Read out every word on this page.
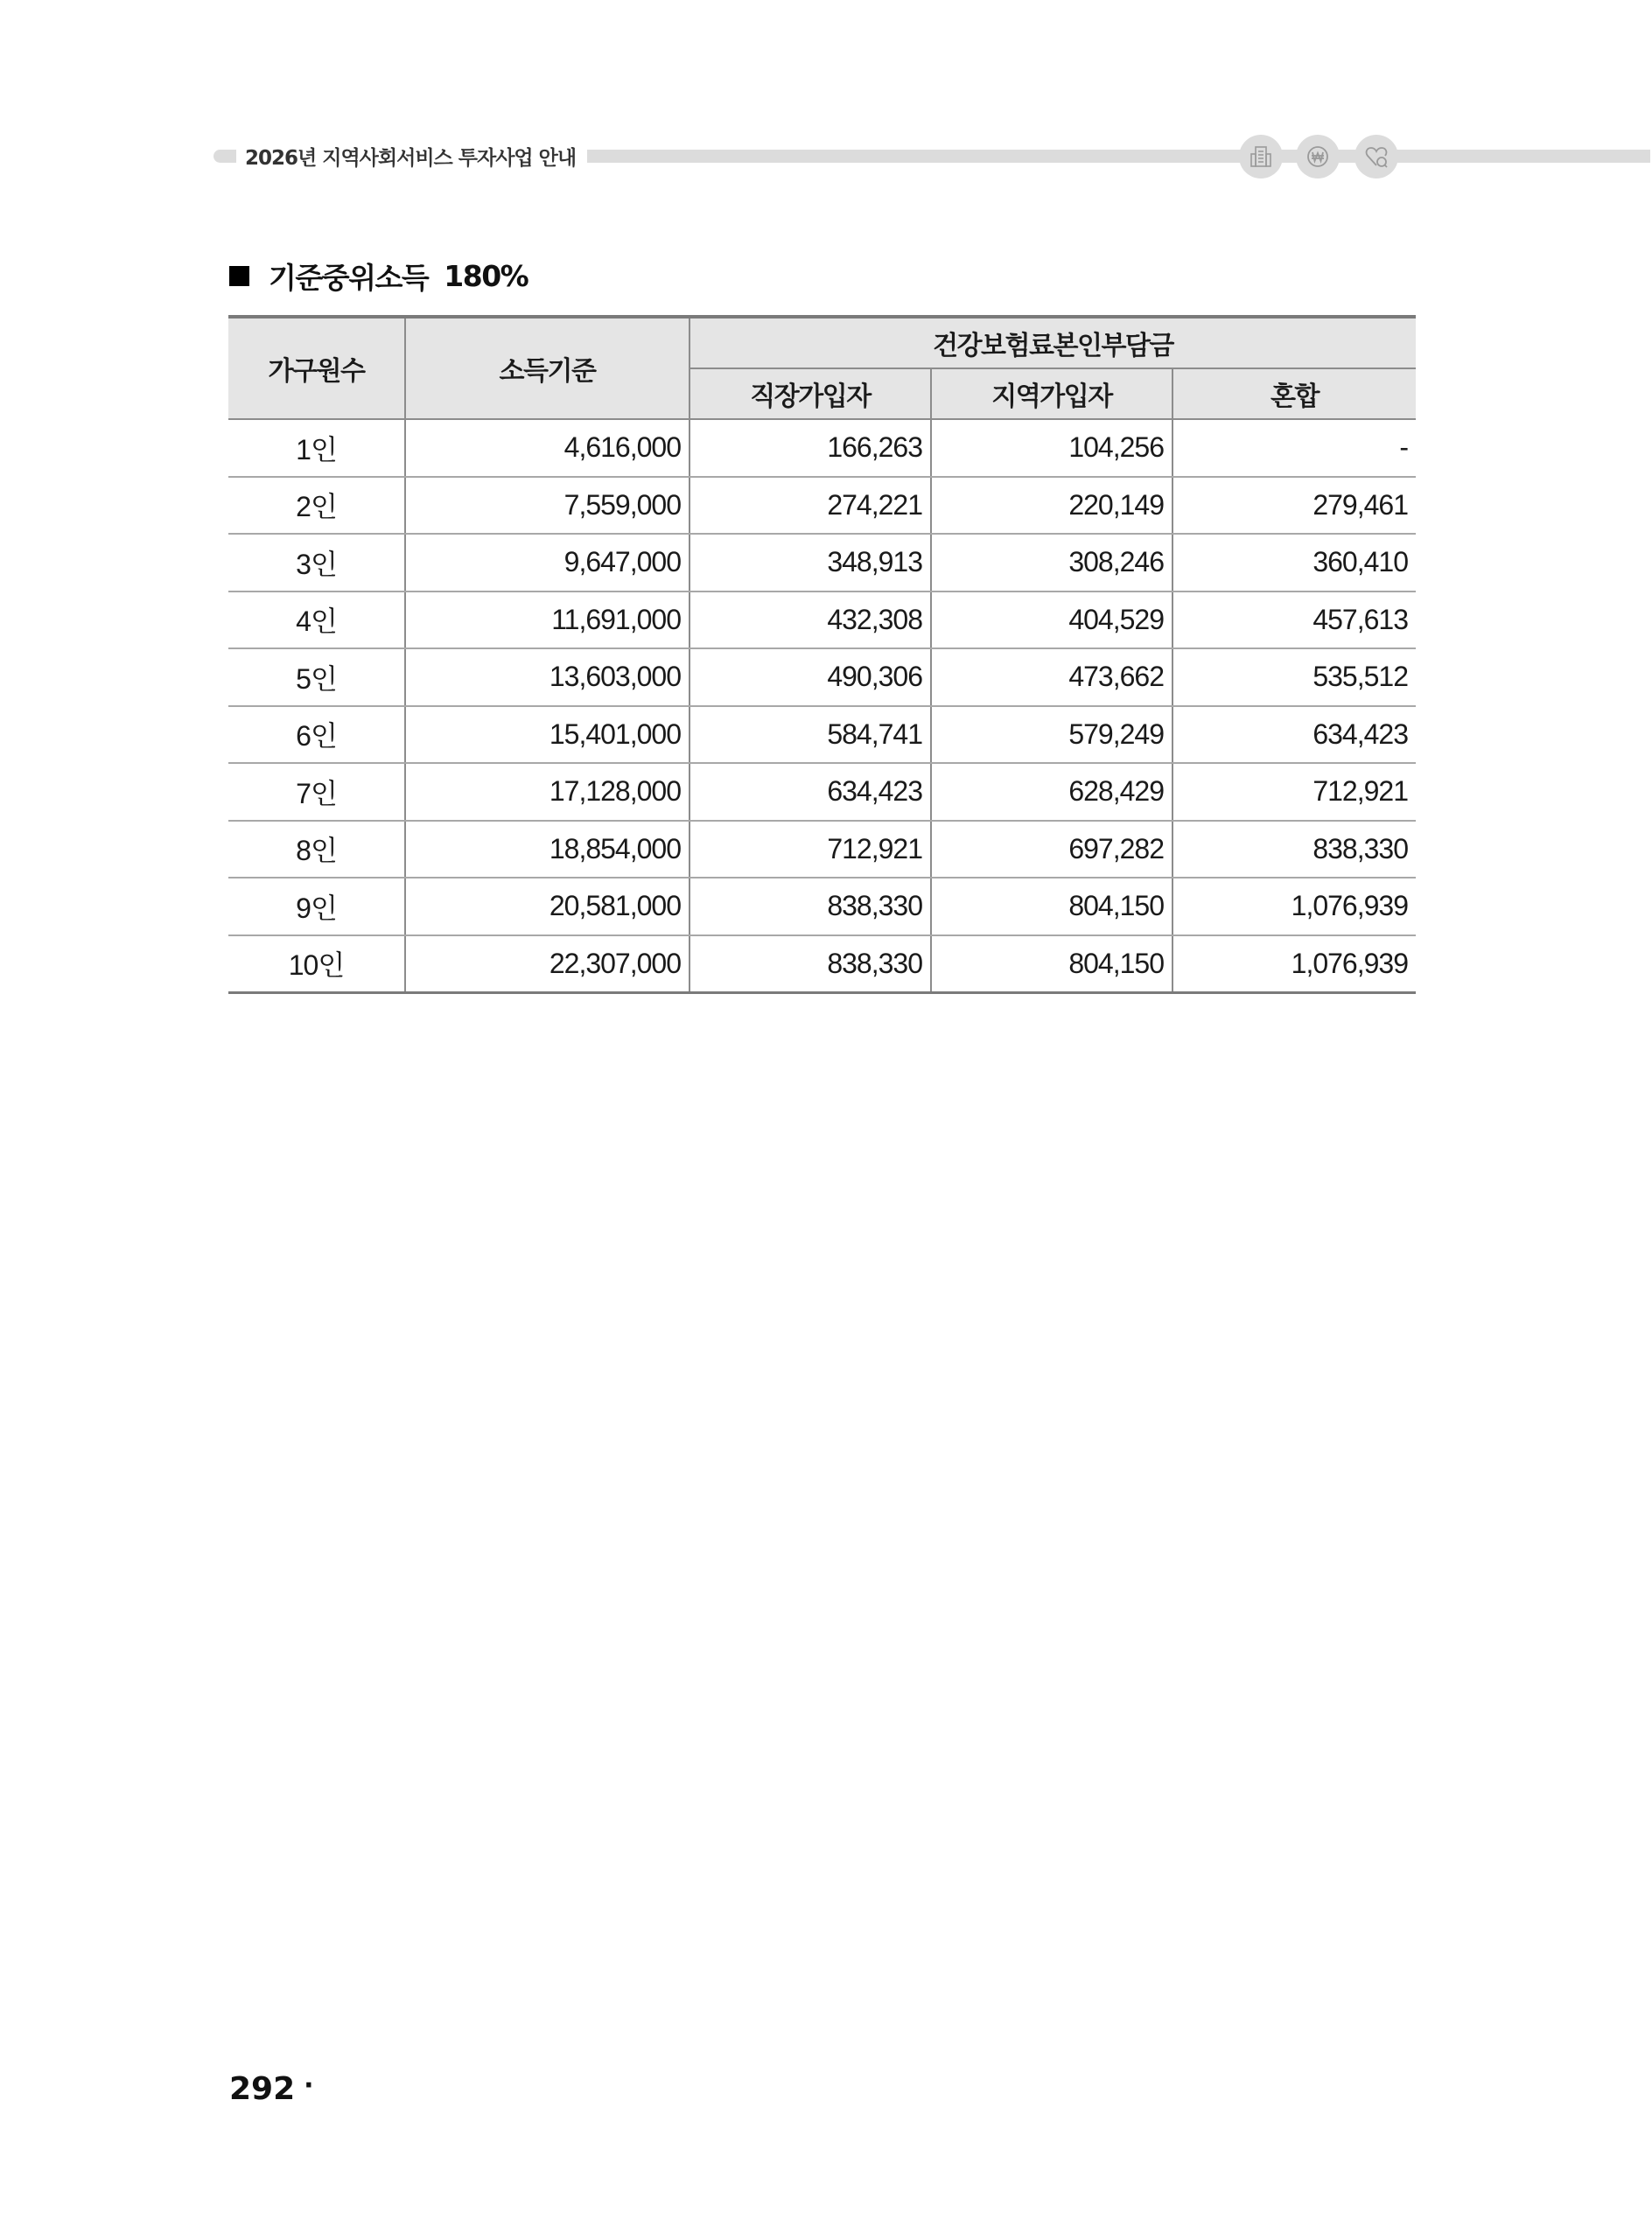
2026년 지역사회서비스 투자사업 안내
기준중위소득 180%
가구원수	소득기준	건강보험료본인부담금		
		직장가입자	지역가입자	혼합
1인	4,616,000	166,263	104,256	-
2인	7,559,000	274,221	220,149	279,461
3인	9,647,000	348,913	308,246	360,410
4인	11,691,000	432,308	404,529	457,613
5인	13,603,000	490,306	473,662	535,512
6인	15,401,000	584,741	579,249	634,423
7인	17,128,000	634,423	628,429	712,921
8인	18,854,000	712,921	697,282	838,330
9인	20,581,000	838,330	804,150	1,076,939
10인	22,307,000	838,330	804,150	1,076,939
292 ·
